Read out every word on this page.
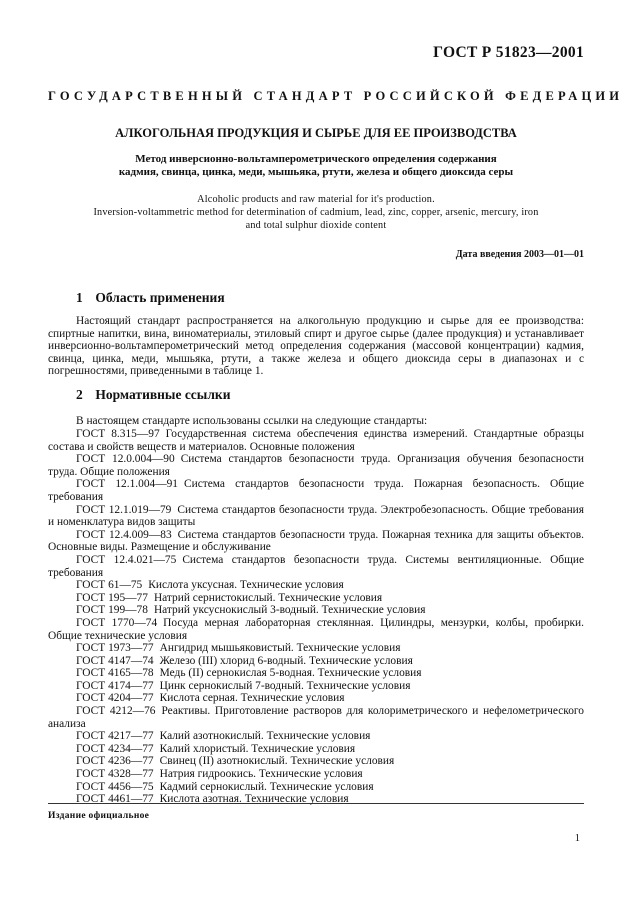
ГОСТ Р 51823—2001
ГОСУДАРСТВЕННЫЙ СТАНДАРТ РОССИЙСКОЙ ФЕДЕРАЦИИ
АЛКОГОЛЬНАЯ ПРОДУКЦИЯ И СЫРЬЕ ДЛЯ ЕЕ ПРОИЗВОДСТВА
Метод инверсионно-вольтамперометрического определения содержания
кадмия, свинца, цинка, меди, мышьяка, ртути, железа и общего диоксида серы
Alcoholic products and raw material for it's production.
Inversion-voltammetric method for determination of cadmium, lead, zinc, copper, arsenic, mercury, iron
and total sulphur dioxide content
Дата введения 2003—01—01
1 Область применения
Настоящий стандарт распространяется на алкогольную продукцию и сырье для ее производства: спиртные напитки, вина, виноматериалы, этиловый спирт и другое сырье (далее продукция) и устанавливает инверсионно-вольтамперометрический метод определения содержания (массовой концентрации) кадмия, свинца, цинка, меди, мышьяка, ртути, а также железа и общего диоксида серы в диапазонах и с погрешностями, приведенными в таблице 1.
2 Нормативные ссылки
В настоящем стандарте использованы ссылки на следующие стандарты:
ГОСТ 8.315—97 Государственная система обеспечения единства измерений. Стандартные образцы состава и свойств веществ и материалов. Основные положения
ГОСТ 12.0.004—90 Система стандартов безопасности труда. Организация обучения безопасности труда. Общие положения
ГОСТ 12.1.004—91 Система стандартов безопасности труда. Пожарная безопасность. Общие требования
ГОСТ 12.1.019—79 Система стандартов безопасности труда. Электробезопасность. Общие требования и номенклатура видов защиты
ГОСТ 12.4.009—83 Система стандартов безопасности труда. Пожарная техника для защиты объектов. Основные виды. Размещение и обслуживание
ГОСТ 12.4.021—75 Система стандартов безопасности труда. Системы вентиляционные. Общие требования
ГОСТ 61—75 Кислота уксусная. Технические условия
ГОСТ 195—77 Натрий сернистокислый. Технические условия
ГОСТ 199—78 Натрий уксуснокислый 3-водный. Технические условия
ГОСТ 1770—74 Посуда мерная лабораторная стеклянная. Цилиндры, мензурки, колбы, пробирки. Общие технические условия
ГОСТ 1973—77 Ангидрид мышьяковистый. Технические условия
ГОСТ 4147—74 Железо (III) хлорид 6-водный. Технические условия
ГОСТ 4165—78 Медь (II) сернокислая 5-водная. Технические условия
ГОСТ 4174—77 Цинк сернокислый 7-водный. Технические условия
ГОСТ 4204—77 Кислота серная. Технические условия
ГОСТ 4212—76 Реактивы. Приготовление растворов для колориметрического и нефелометрического анализа
ГОСТ 4217—77 Калий азотнокислый. Технические условия
ГОСТ 4234—77 Калий хлористый. Технические условия
ГОСТ 4236—77 Свинец (II) азотнокислый. Технические условия
ГОСТ 4328—77 Натрия гидроокись. Технические условия
ГОСТ 4456—75 Кадмий сернокислый. Технические условия
ГОСТ 4461—77 Кислота азотная. Технические условия
Издание официальное
1
